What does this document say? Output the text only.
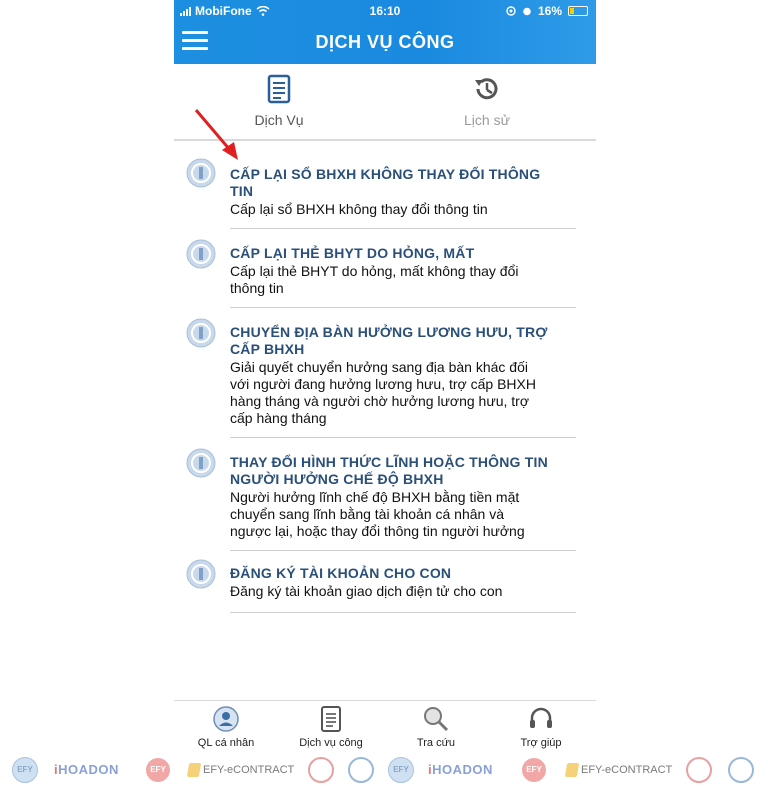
MobiFone	16:10	16%
DỊCH VỤ CÔNG
Dịch Vụ	Lịch sử
CẤP LẠI SỔ BHXH KHÔNG THAY ĐỔI THÔNG
TIN
Cấp lại sổ BHXH không thay đổi thông tin
CẤP LẠI THẺ BHYT DO HỎNG, MẤT
Cấp lại thẻ BHYT do hỏng, mất không thay đổi
thông tin
CHUYỂN ĐỊA BÀN HƯỞNG LƯƠNG HƯU, TRỢ
CẤP BHXH
Giải quyết chuyển hưởng sang địa bàn khác đối
với người đang hưởng lương hưu, trợ cấp BHXH
hàng tháng và người chờ hưởng lương hưu, trợ
cấp hàng tháng
THAY ĐỔI HÌNH THỨC LĨNH HOẶC THÔNG TIN
NGƯỜI HƯỞNG CHẾ ĐỘ BHXH
Người hưởng lĩnh chế độ BHXH bằng tiền mặt
chuyển sang lĩnh bằng tài khoản cá nhân và
ngược lại, hoặc thay đổi thông tin người hưởng
ĐĂNG KÝ TÀI KHOẢN CHO CON
Đăng ký tài khoản giao dịch điện tử cho con
QL cá nhân	Dịch vụ công	Tra cứu	Trợ giúp
EFY	iHOADON	EFY	EFY-eCONTRACT	EFY	iHOADON	EFY	EFY-eCONTRACT
